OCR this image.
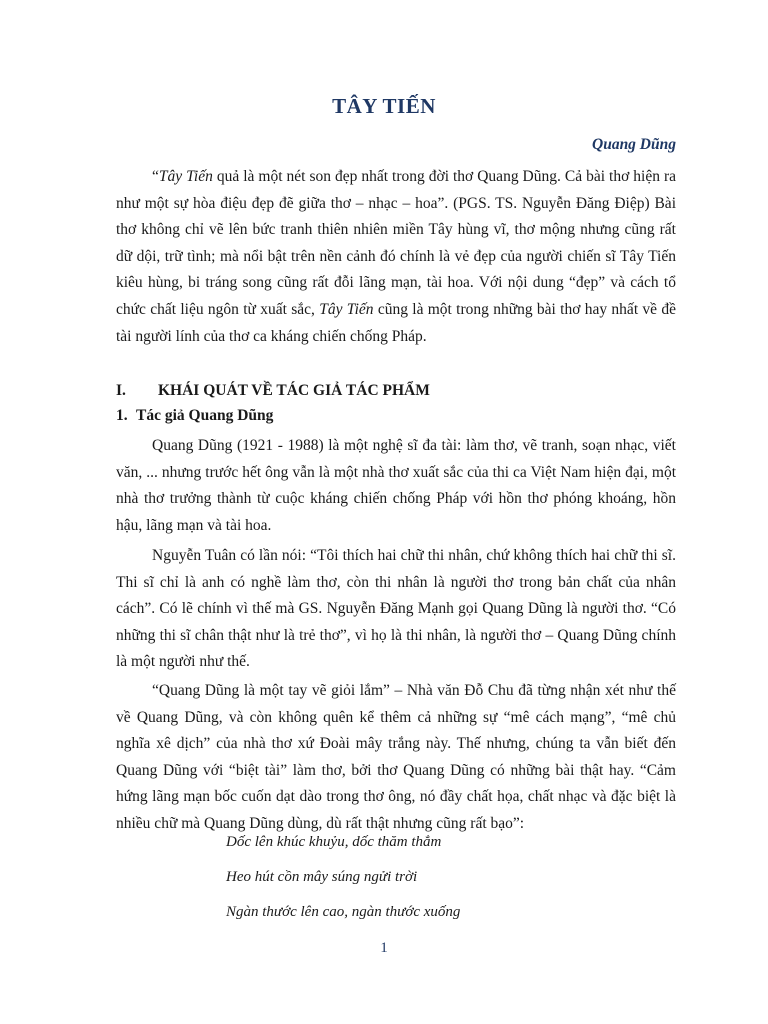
TÂY TIẾN

Quang Dũng

“Tây Tiến quả là một nét son đẹp nhất trong đời thơ Quang Dũng. Cả bài thơ hiện ra như một sự hòa điệu đẹp đẽ giữa thơ – nhạc – hoa”. (PGS. TS. Nguyễn Đăng Điệp) Bài thơ không chỉ vẽ lên bức tranh thiên nhiên miền Tây hùng vĩ, thơ mộng nhưng cũng rất dữ dội, trữ tình; mà nổi bật trên nền cảnh đó chính là vẻ đẹp của người chiến sĩ Tây Tiến kiêu hùng, bi tráng song cũng rất đỗi lãng mạn, tài hoa. Với nội dung “đẹp” và cách tổ chức chất liệu ngôn từ xuất sắc, Tây Tiến cũng là một trong những bài thơ hay nhất về đề tài người lính của thơ ca kháng chiến chống Pháp.

I. KHÁI QUÁT VỀ TÁC GIẢ TÁC PHẨM
1. Tác giả Quang Dũng

Quang Dũng (1921 - 1988) là một nghệ sĩ đa tài: làm thơ, vẽ tranh, soạn nhạc, viết văn, ... nhưng trước hết ông vẫn là một nhà thơ xuất sắc của thi ca Việt Nam hiện đại, một nhà thơ trưởng thành từ cuộc kháng chiến chống Pháp với hồn thơ phóng khoáng, hồn hậu, lãng mạn và tài hoa.

Nguyễn Tuân có lần nói: “Tôi thích hai chữ thi nhân, chứ không thích hai chữ thi sĩ. Thi sĩ chỉ là anh có nghề làm thơ, còn thi nhân là người thơ trong bản chất của nhân cách”. Có lẽ chính vì thế mà GS. Nguyễn Đăng Mạnh gọi Quang Dũng là người thơ. “Có những thi sĩ chân thật như là trẻ thơ”, vì họ là thi nhân, là người thơ – Quang Dũng chính là một người như thế.

“Quang Dũng là một tay vẽ giỏi lắm” – Nhà văn Đỗ Chu đã từng nhận xét như thế về Quang Dũng, và còn không quên kể thêm cả những sự “mê cách mạng”, “mê chủ nghĩa xê dịch” của nhà thơ xứ Đoài mây trắng này. Thế nhưng, chúng ta vẫn biết đến Quang Dũng với “biệt tài” làm thơ, bởi thơ Quang Dũng có những bài thật hay. “Cảm hứng lãng mạn bốc cuốn dạt dào trong thơ ông, nó đầy chất họa, chất nhạc và đặc biệt là nhiều chữ mà Quang Dũng dùng, dù rất thật nhưng cũng rất bạo”:

Dốc lên khúc khuỷu, dốc thăm thẳm

Heo hút cồn mây súng ngửi trời

Ngàn thước lên cao, ngàn thước xuống

1
